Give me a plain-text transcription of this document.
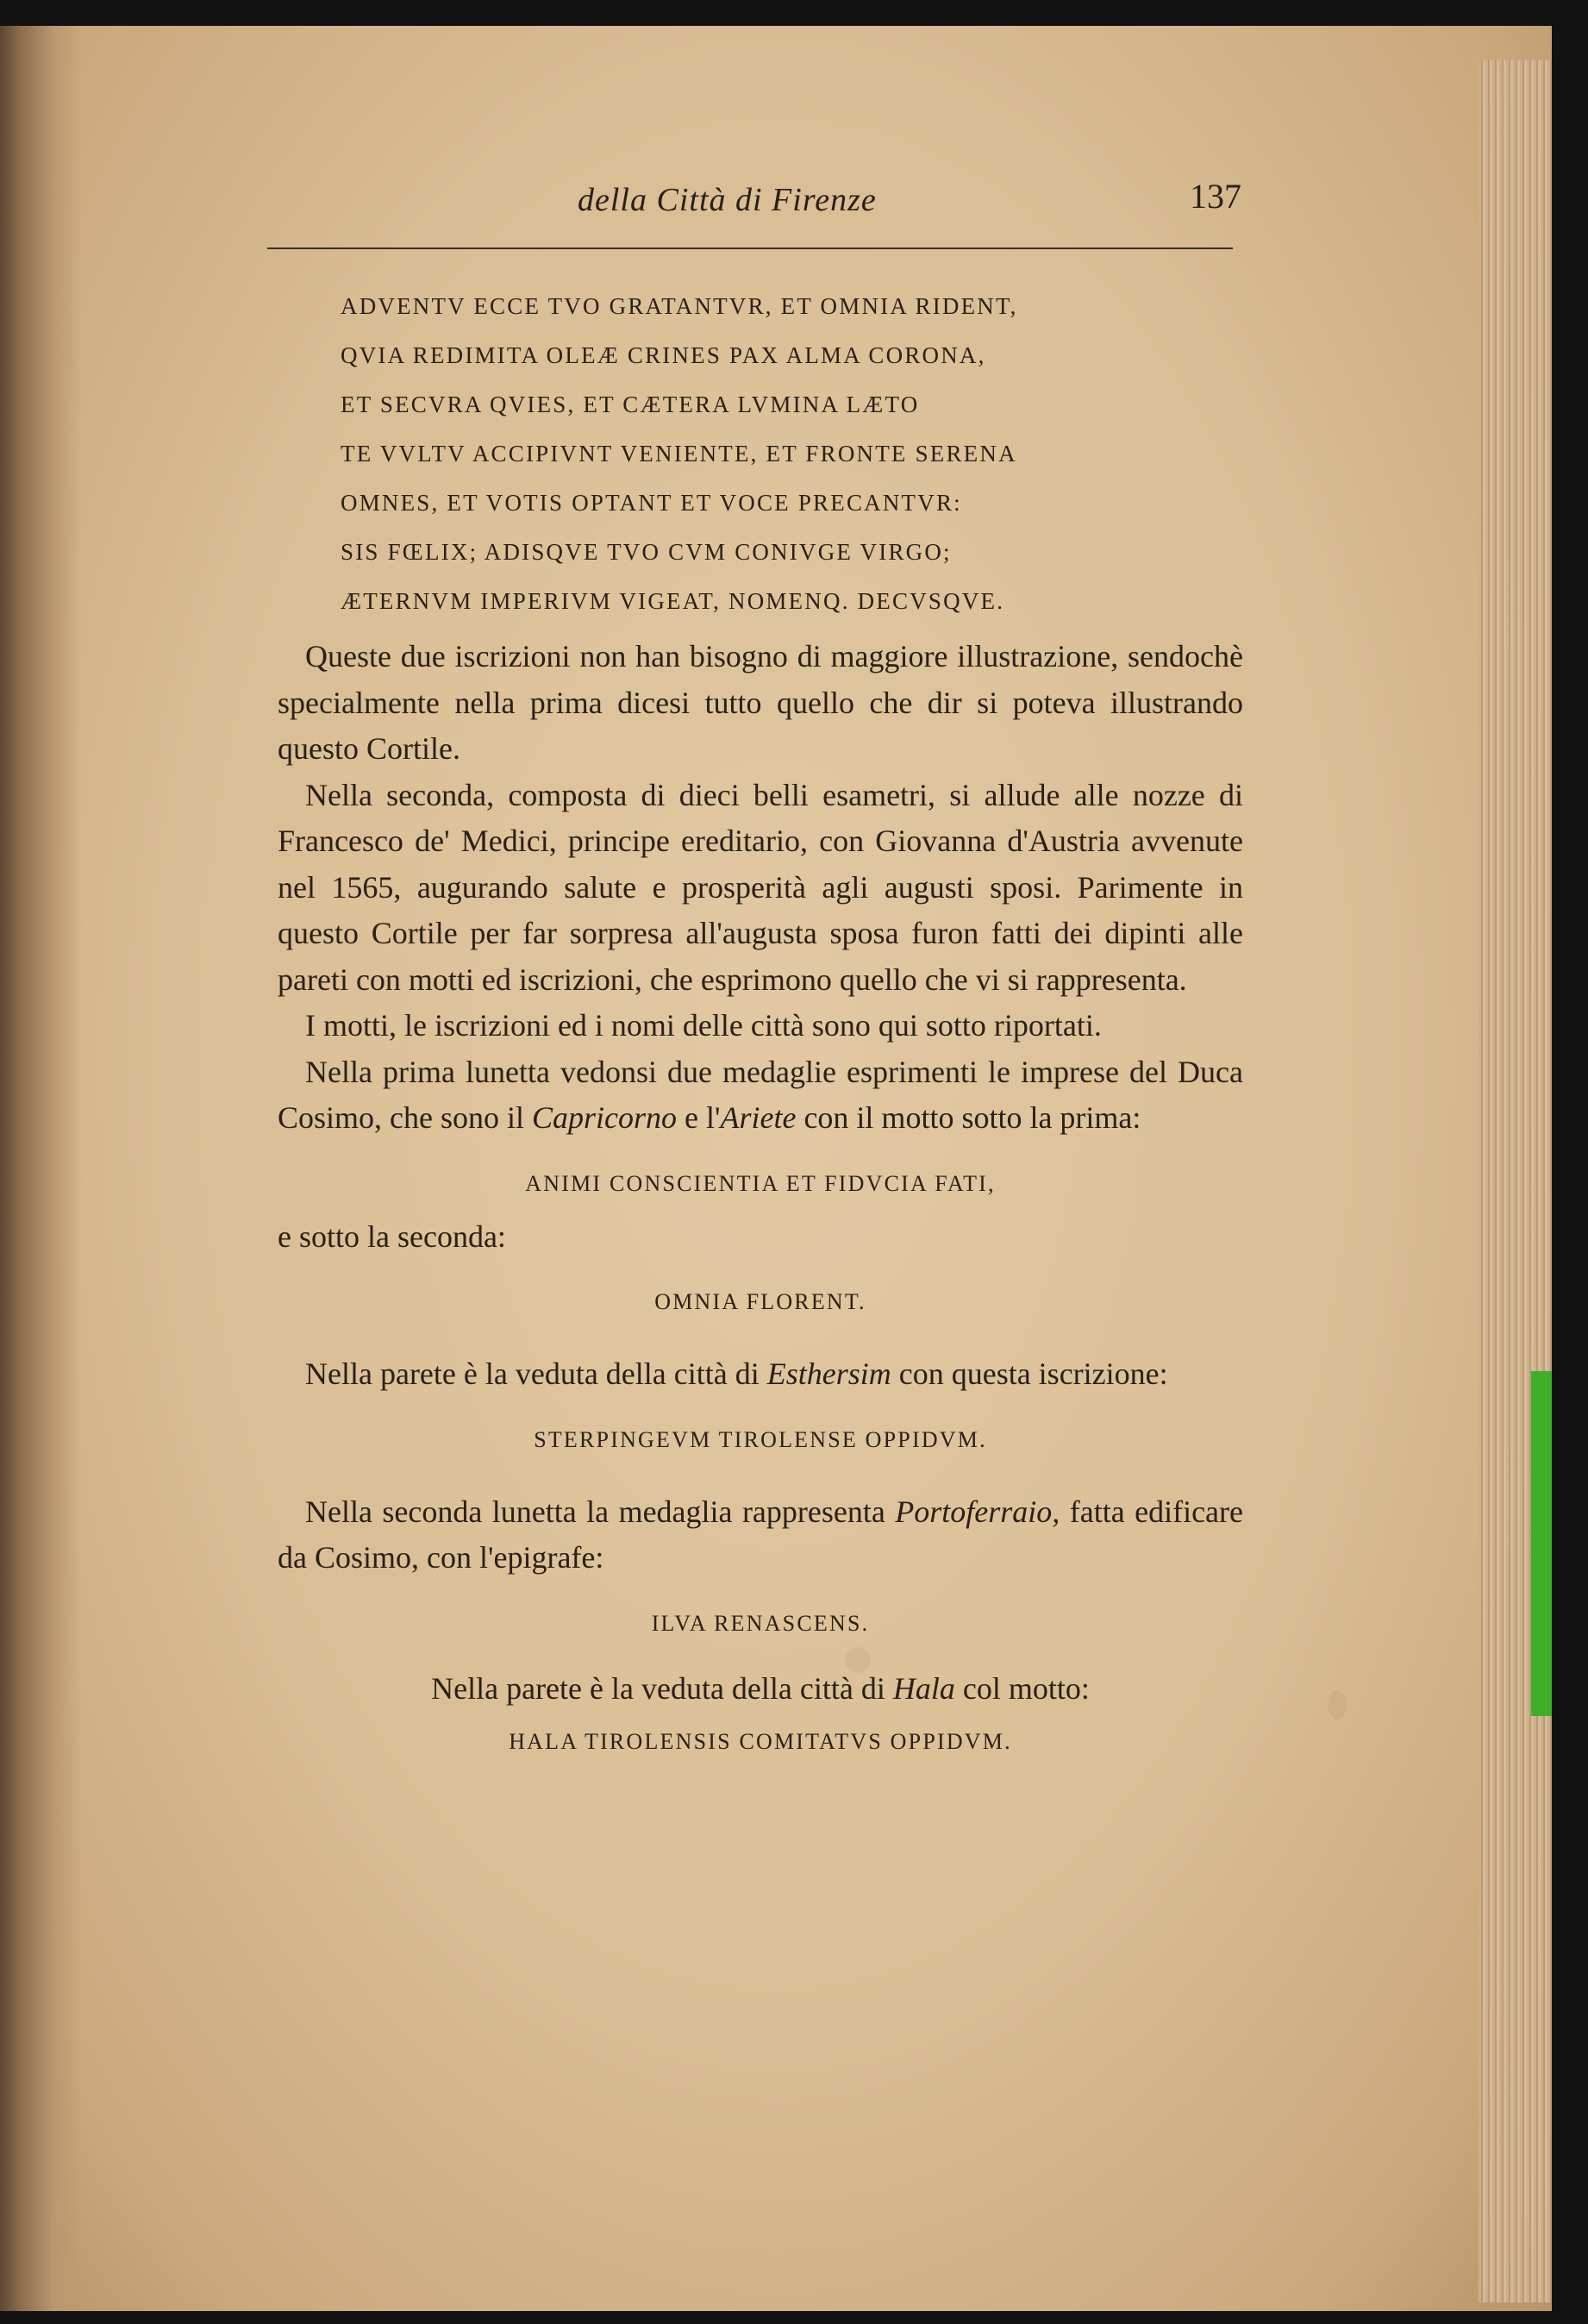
della Città di Firenze	137
ADVENTV ECCE TVO GRATANTVR, ET OMNIA RIDENT,
QVIA REDIMITA OLEÆ CRINES PAX ALMA CORONA,
ET SECVRA QVIES, ET CÆTERA LVMINA LÆTO
TE VVLTV ACCIPIVNT VENIENTE, ET FRONTE SERENA
OMNES, ET VOTIS OPTANT ET VOCE PRECANTVR:
SIS FŒLIX; ADISQVE TVO CVM CONIVGE VIRGO;
ÆTERNVM IMPERIVM VIGEAT, NOMENQ. DECVSQVE.

Queste due iscrizioni non han bisogno di maggiore illustrazione, sendochè specialmente nella prima dicesi tutto quello che dir si poteva illustrando questo Cortile.

Nella seconda, composta di dieci belli esametri, si allude alle nozze di Francesco de' Medici, principe ereditario, con Giovanna d'Austria avvenute nel 1565, augurando salute e prosperità agli augusti sposi. Parimente in questo Cortile per far sorpresa all'augusta sposa furon fatti dei dipinti alle pareti con motti ed iscrizioni, che esprimono quello che vi si rappresenta.

I motti, le iscrizioni ed i nomi delle città sono qui sotto riportati.

Nella prima lunetta vedonsi due medaglie esprimenti le imprese del Duca Cosimo, che sono il Capricorno e l'Ariete con il motto sotto la prima:

ANIMI CONSCIENTIA ET FIDVCIA FATI,

e sotto la seconda:

OMNIA FLORENT.

Nella parete è la veduta della città di Esthersim con questa iscrizione:

STERPINGEVM TIROLENSE OPPIDVM.

Nella seconda lunetta la medaglia rappresenta Portoferraio, fatta edificare da Cosimo, con l'epigrafe:

ILVA RENASCENS.

Nella parete è la veduta della città di Hala col motto:

HALA TIROLENSIS COMITATVS OPPIDVM.
